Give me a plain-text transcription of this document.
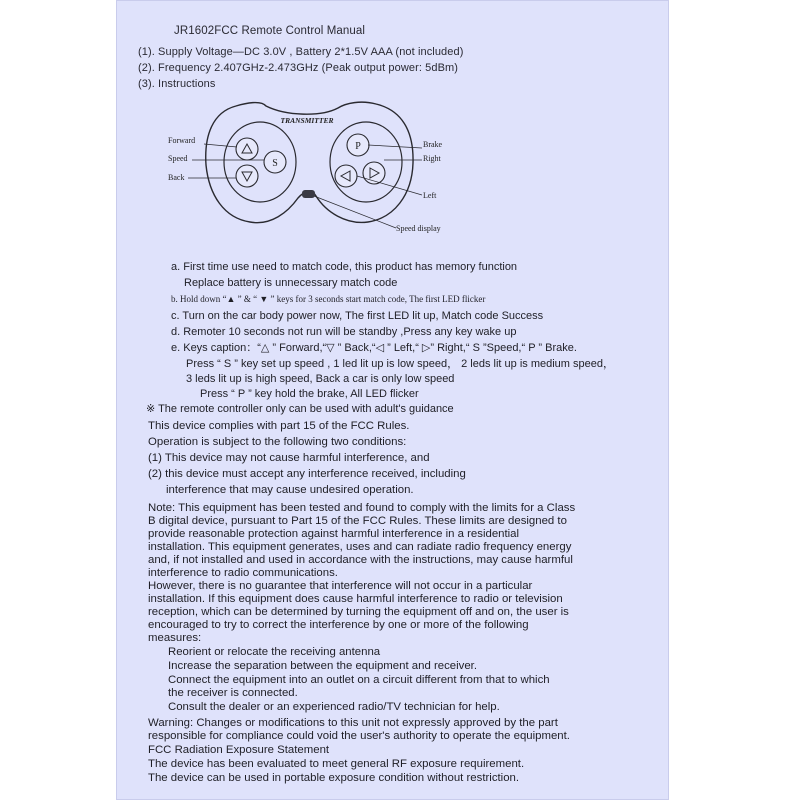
JR1602FCC Remote Control Manual
(1). Supply Voltage—DC 3.0V , Battery 2*1.5V AAA (not included)
(2). Frequency 2.407GHz-2.473GHz (Peak output power: 5dBm)
(3). Instructions
TRANSMITTER
S
P
Forward
Speed
Back
Brake
Right
Left
Speed display
a. First time use need to match code, this product has memory function
Replace battery is unnecessary match code
b. Hold down “▲ ” & “ ▼ ” keys for 3 seconds start match code, The first LED flicker
c. Turn on the car body power now, The first LED lit up, Match code Success
d. Remoter 10 seconds not run will be standby ,Press any key wake up
e. Keys caption：“△ ” Forward,“▽ ” Back,“◁ ” Left,“ ▷” Right,“ S ”Speed,“ P ” Brake.
Press “ S ” key set up speed , 1 led lit up is low speed， 2 leds lit up is medium speed，
3 leds lit up is high speed, Back a car is only low speed
Press “ P ” key hold the brake, All LED flicker
※ The remote controller only can be used with adult's guidance
This device complies with part 15 of the FCC Rules.
Operation is subject to the following two conditions:
(1) This device may not cause harmful interference, and
(2) this device must accept any interference received, including
interference that may cause undesired operation.
Note: This equipment has been tested and found to comply with the limits for a Class
B digital device, pursuant to Part 15 of the FCC Rules. These limits are designed to
provide reasonable protection against harmful interference in a residential
installation. This equipment generates, uses and can radiate radio frequency energy
and, if not installed and used in accordance with the instructions, may cause harmful
interference to radio communications.
However, there is no guarantee that interference will not occur in a particular
installation. If this equipment does cause harmful interference to radio or television
reception, which can be determined by turning the equipment off and on, the user is
encouraged to try to correct the interference by one or more of the following
measures:
Reorient or relocate the receiving antenna
Increase the separation between the equipment and receiver.
Connect the equipment into an outlet on a circuit different from that to which
the receiver is connected.
Consult the dealer or an experienced radio/TV technician for help.
Warning: Changes or modifications to this unit not expressly approved by the part
responsible for compliance could void the user's authority to operate the equipment.
FCC Radiation Exposure Statement
The device has been evaluated to meet general RF exposure requirement.
The device can be used in portable exposure condition without restriction.
